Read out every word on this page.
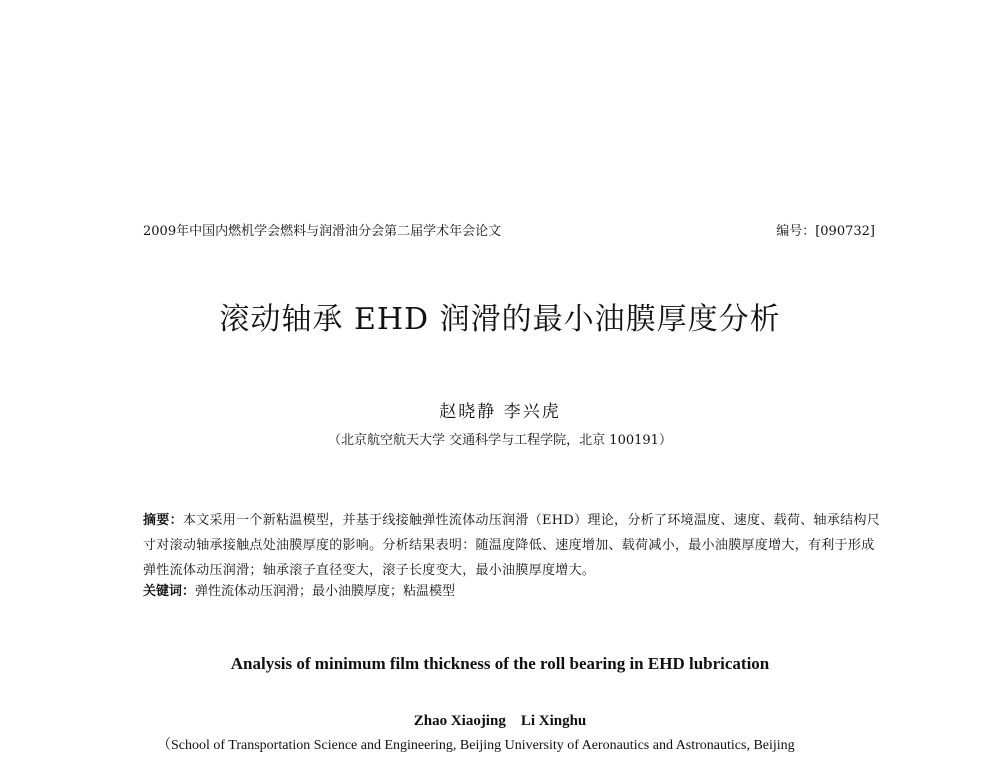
2009年中国内燃机学会燃料与润滑油分会第二届学术年会论文	编号：[090732]
滚动轴承 EHD 润滑的最小油膜厚度分析
赵晓静 李兴虎
（北京航空航天大学 交通科学与工程学院，北京 100191）
摘要：本文采用一个新粘温模型，并基于线接触弹性流体动压润滑（EHD）理论，分析了环境温度、速度、载荷、轴承结构尺寸对滚动轴承接触点处油膜厚度的影响。分析结果表明：随温度降低、速度增加、载荷减小，最小油膜厚度增大，有利于形成弹性流体动压润滑；轴承滚子直径变大，滚子长度变大，最小油膜厚度增大。
关键词：弹性流体动压润滑；最小油膜厚度；粘温模型
Analysis of minimum film thickness of the roll bearing in EHD lubrication
Zhao Xiaojing    Li Xinghu
（School of Transportation Science and Engineering, Beijing University of Aeronautics and Astronautics, Beijing
